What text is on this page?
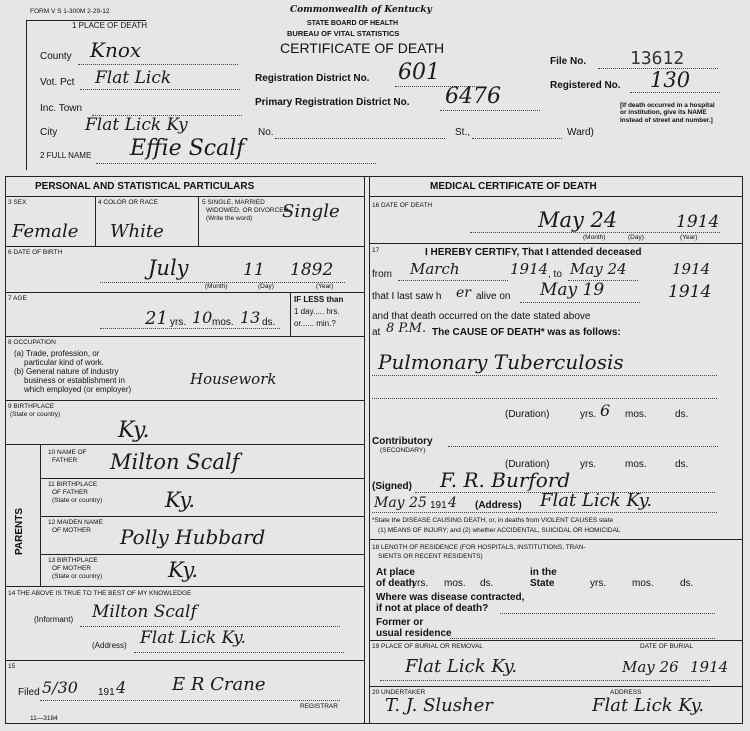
FORM V S 1-300M 2-29-12	Commonwealth of Kentucky
STATE BOARD OF HEALTH
BUREAU OF VITAL STATISTICS
CERTIFICATE OF DEATH
1 PLACE OF DEATH
County Knox
Vot. Pct Flat Lick
Inc. Town
City Flat Lick Ky	No.	St.,	Ward)
Registration District No. 601
Primary Registration District No. 6476
File No. 13612
Registered No. 130
[If death occurred in a hospital or institution, give its NAME instead of street and number.]
2 FULL NAME Effie Scalf
PERSONAL AND STATISTICAL PARTICULARS
3 SEX
Female
4 COLOR OR RACE
White
5 SINGLE, MARRIED
WIDOWED, OR DIVORCED
(Write the word) Single
6 DATE OF BIRTH
July	11 1892
(Month)	(Day)	(Year)
7 AGE
21 yrs. 10 mos. 13 ds.
IF LESS than
1 day..... hrs.
or...... min.?
8 OCCUPATION
(a) Trade, profession, or
particular kind of work.
(b) General nature of industry
business or establishment in
which employed (or employer)
Housework
9 BIRTHPLACE
(State or country)
Ky.
PARENTS
10 NAME OF
FATHER Milton Scalf
11 BIRTHPLACE
OF FATHER
(State or country)	Ky.
12 MAIDEN NAME
OF MOTHER Polly Hubbard
13 BIRTHPLACE
OF MOTHER
(State or country)	Ky.
14 THE ABOVE IS TRUE TO THE BEST OF MY KNOWLEDGE
(Informant) Milton Scalf
(Address) Flat Lick Ky.
15
Filed 5/30 191 4	E R Crane
REGISTRAR
11—3184
MEDICAL CERTIFICATE OF DEATH
16 DATE OF DEATH
May 24	1914
(Month)	(Day)	(Year)
17	I HEREBY CERTIFY, That I attended deceased
from March	1914 , to May 24	1914
that I last saw h er alive on May 19	1914
and that death occurred on the date stated above
at 8 P.M. The CAUSE OF DEATH* was as follows:
Pulmonary Tuberculosis
(Duration)	yrs. 6 mos.	ds.
Contributory
(SECONDARY)
(Duration)	yrs.	mos.	ds.
(Signed) F. R. Burford
May 25 191 4 (Address) Flat Lick Ky.
*State the DISEASE CAUSING DEATH, or, in deaths from VIOLENT CAUSES state
(1) MEANS OF INJURY; and (2) whether ACCIDENTAL, SUICIDAL OR HOMICIDAL
18 LENGTH OF RESIDENCE (FOR HOSPITALS, INSTITUTIONS, TRAN-
SIENTS OR RECENT RESIDENTS)
At place
of death
yrs. mos. ds.
in the
State	yrs.	mos.	ds.
Where was disease contracted,
if not at place of death?
Former or
usual residence
19 PLACE OF BURIAL OR REMOVAL	DATE OF BURIAL
Flat Lick Ky.	May 26 1914
20 UNDERTAKER	ADDRESS
T. J. Slusher	Flat Lick Ky.
